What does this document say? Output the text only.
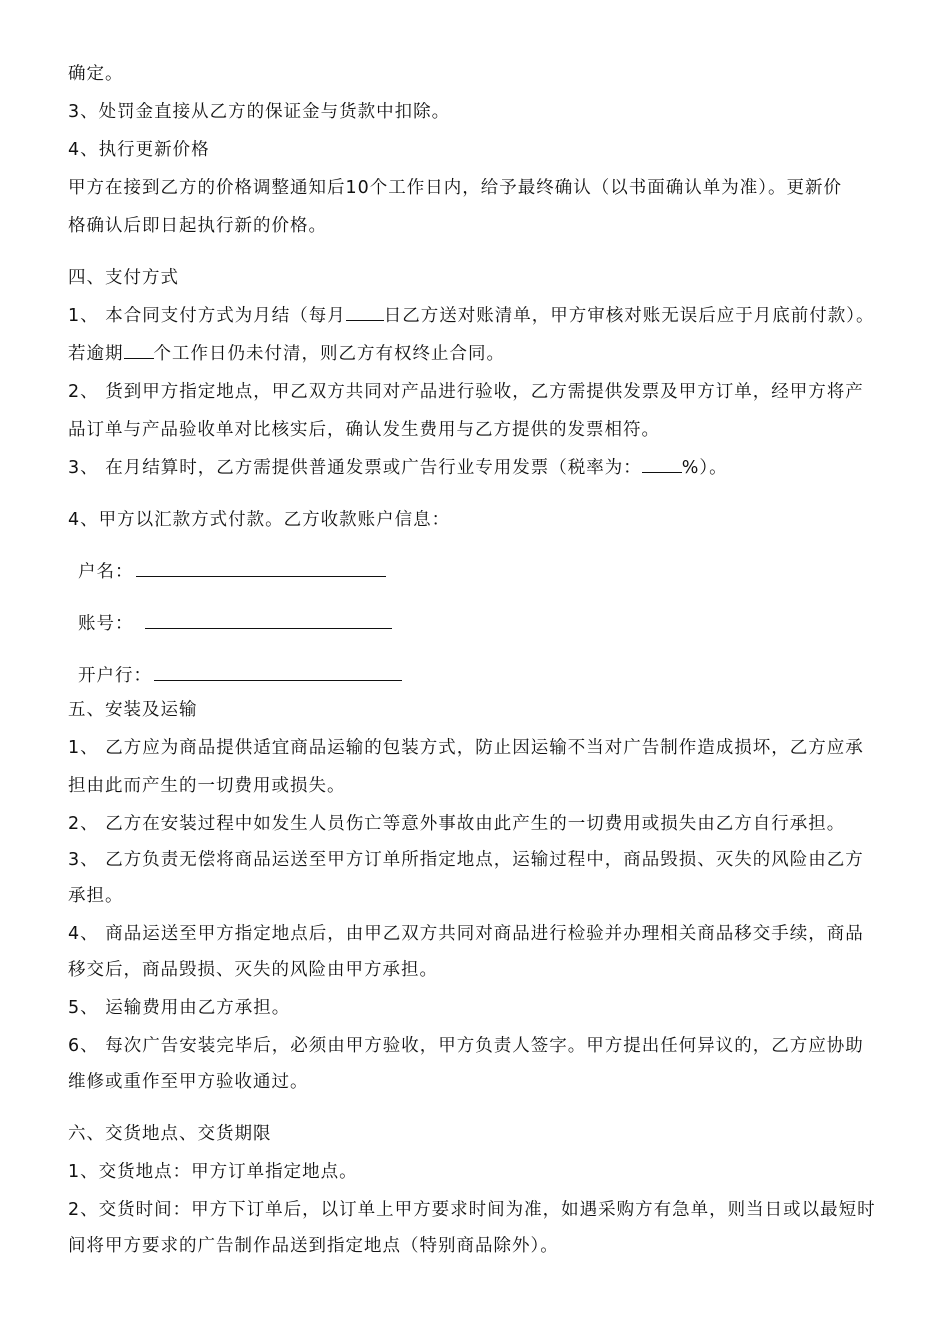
确定。
3、处罚金直接从乙方的保证金与货款中扣除。
4、执行更新价格
甲方在接到乙方的价格调整通知后10个工作日内，给予最终确认（以书面确认单为准）。更新价
格确认后即日起执行新的价格。
四、支付方式
1、 本合同支付方式为月结（每月 日乙方送对账清单，甲方审核对账无误后应于月底前付款）。
若逾期 个工作日仍未付清，则乙方有权终止合同。
2、 货到甲方指定地点，甲乙双方共同对产品进行验收，乙方需提供发票及甲方订单，经甲方将产
品订单与产品验收单对比核实后，确认发生费用与乙方提供的发票相符。
3、 在月结算时，乙方需提供普通发票或广告行业专用发票（税率为： %）。
4、甲方以汇款方式付款。乙方收款账户信息：
户名：
账号：
开户行：
五、安装及运输
1、 乙方应为商品提供适宜商品运输的包装方式，防止因运输不当对广告制作造成损坏，乙方应承
担由此而产生的一切费用或损失。
2、 乙方在安装过程中如发生人员伤亡等意外事故由此产生的一切费用或损失由乙方自行承担。
3、 乙方负责无偿将商品运送至甲方订单所指定地点，运输过程中，商品毁损、灭失的风险由乙方
承担。
4、 商品运送至甲方指定地点后，由甲乙双方共同对商品进行检验并办理相关商品移交手续，商品
移交后，商品毁损、灭失的风险由甲方承担。
5、 运输费用由乙方承担。
6、 每次广告安装完毕后，必须由甲方验收，甲方负责人签字。甲方提出任何异议的，乙方应协助
维修或重作至甲方验收通过。
六、交货地点、交货期限
1、交货地点：甲方订单指定地点。
2、交货时间：甲方下订单后，以订单上甲方要求时间为准，如遇采购方有急单，则当日或以最短时
间将甲方要求的广告制作品送到指定地点（特别商品除外）。
